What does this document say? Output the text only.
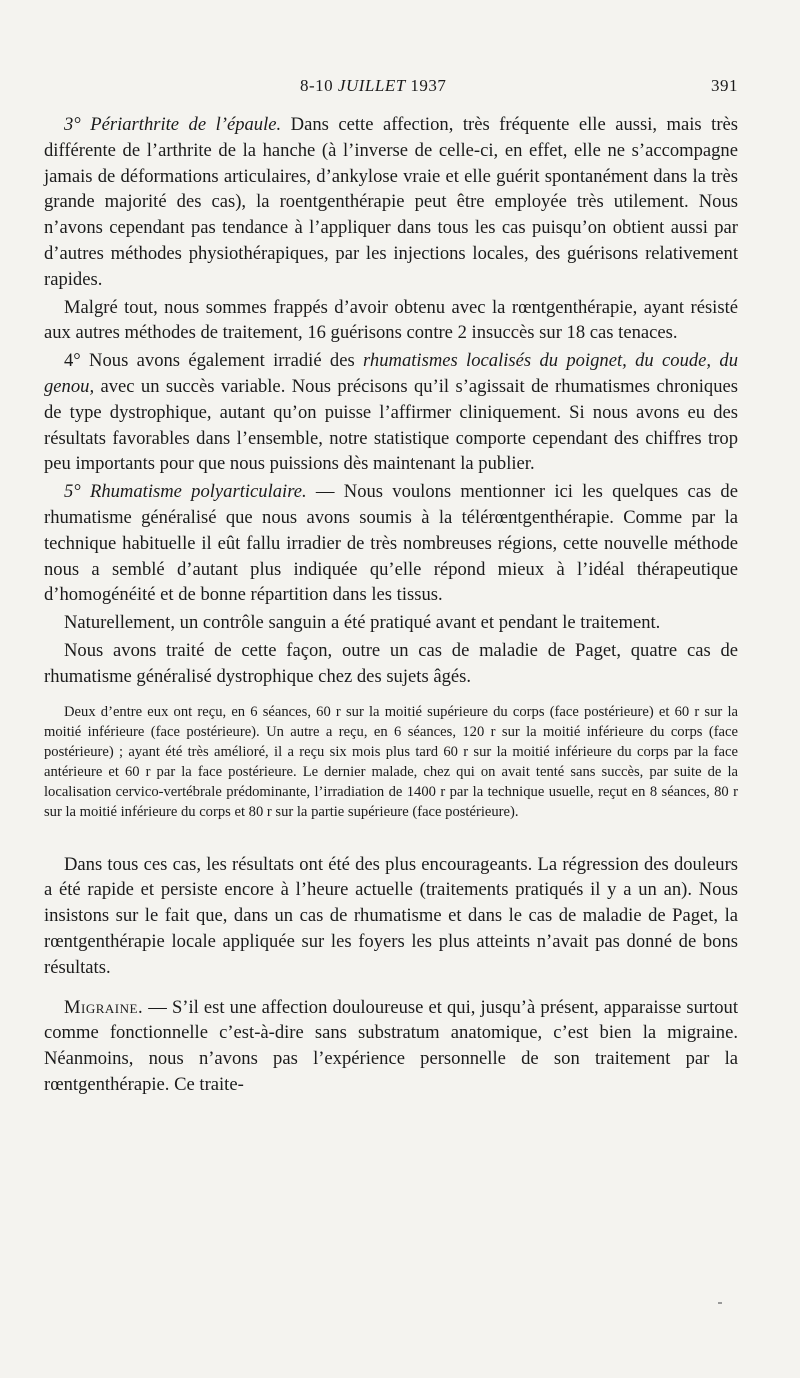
8-10 JUILLET 1937	391

3° Périarthrite de l’épaule. Dans cette affection, très fréquente elle aussi, mais très différente de l’arthrite de la hanche (à l’inverse de celle-ci, en effet, elle ne s’accompagne jamais de déformations articulaires, d’ankylose vraie et elle guérit spontanément dans la très grande majorité des cas), la roentgenthérapie peut être employée très utilement. Nous n’avons cependant pas tendance à l’appliquer dans tous les cas puisqu’on obtient aussi par d’autres méthodes physiothérapiques, par les injections locales, des guérisons relativement rapides.

Malgré tout, nous sommes frappés d’avoir obtenu avec la rœntgenthérapie, ayant résisté aux autres méthodes de traitement, 16 guérisons contre 2 insuccès sur 18 cas tenaces.

4° Nous avons également irradié des rhumatismes localisés du poignet, du coude, du genou, avec un succès variable. Nous précisons qu’il s’agissait de rhumatismes chroniques de type dystrophique, autant qu’on puisse l’affirmer cliniquement. Si nous avons eu des résultats favorables dans l’ensemble, notre statistique comporte cependant des chiffres trop peu importants pour que nous puissions dès maintenant la publier.

5° Rhumatisme polyarticulaire. — Nous voulons mentionner ici les quelques cas de rhumatisme généralisé que nous avons soumis à la télérœntgenthérapie. Comme par la technique habituelle il eût fallu irradier de très nombreuses régions, cette nouvelle méthode nous a semblé d’autant plus indiquée qu’elle répond mieux à l’idéal thérapeutique d’homogénéité et de bonne répartition dans les tissus.

Naturellement, un contrôle sanguin a été pratiqué avant et pendant le traitement.

Nous avons traité de cette façon, outre un cas de maladie de Paget, quatre cas de rhumatisme généralisé dystrophique chez des sujets âgés.

Deux d’entre eux ont reçu, en 6 séances, 60 r sur la moitié supérieure du corps (face postérieure) et 60 r sur la moitié inférieure (face postérieure). Un autre a reçu, en 6 séances, 120 r sur la moitié inférieure du corps (face postérieure) ; ayant été très amélioré, il a reçu six mois plus tard 60 r sur la moitié inférieure du corps par la face antérieure et 60 r par la face postérieure. Le dernier malade, chez qui on avait tenté sans succès, par suite de la localisation cervico-vertébrale prédominante, l’irradiation de 1400 r par la technique usuelle, reçut en 8 séances, 80 r sur la moitié inférieure du corps et 80 r sur la partie supérieure (face postérieure).

Dans tous ces cas, les résultats ont été des plus encourageants. La régression des douleurs a été rapide et persiste encore à l’heure actuelle (traitements pratiqués il y a un an). Nous insistons sur le fait que, dans un cas de rhumatisme et dans le cas de maladie de Paget, la rœntgenthérapie locale appliquée sur les foyers les plus atteints n’avait pas donné de bons résultats.

Migraine. — S’il est une affection douloureuse et qui, jusqu’à présent, apparaisse surtout comme fonctionnelle c’est-à-dire sans substratum anatomique, c’est bien la migraine. Néanmoins, nous n’avons pas l’expérience personnelle de son traitement par la rœntgenthérapie. Ce traite-
